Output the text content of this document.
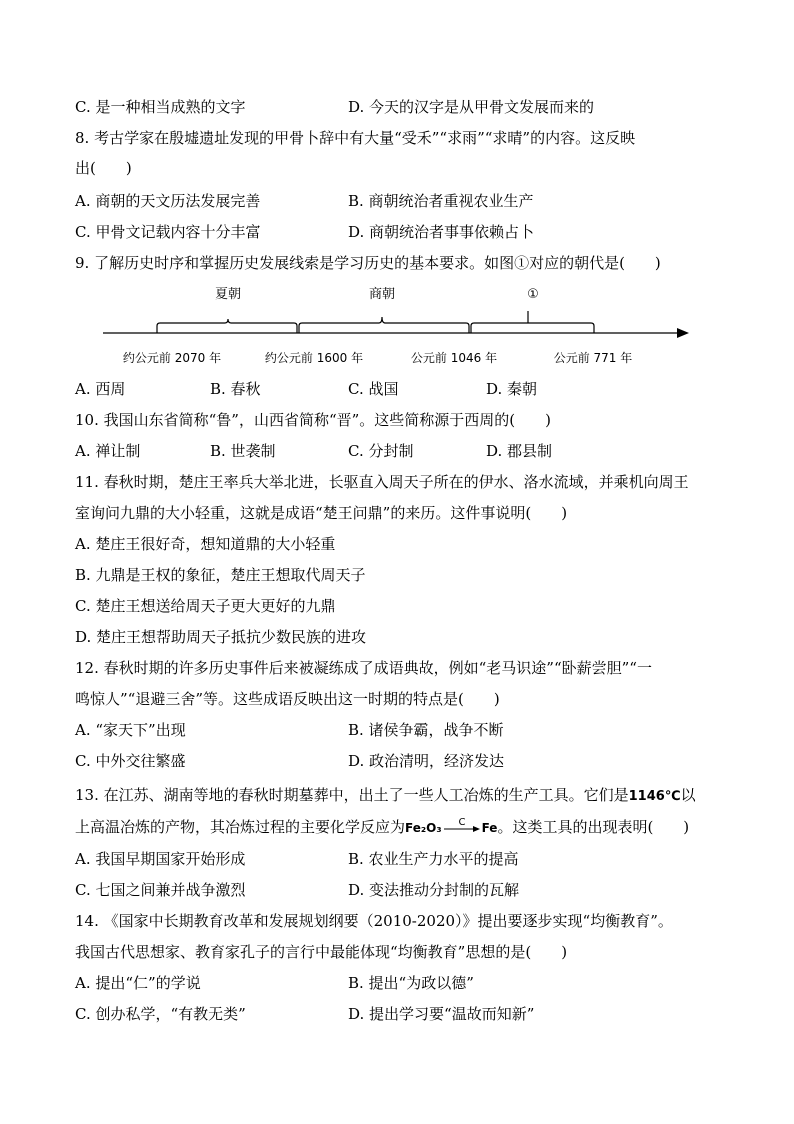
C. 是一种相当成熟的文字	D. 今天的汉字是从甲骨文发展而来的
8. 考古学家在殷墟遗址发现的甲骨卜辞中有大量“受禾”“求雨”“求晴”的内容。这反映
出(　　)
A. 商朝的天文历法发展完善	B. 商朝统治者重视农业生产
C. 甲骨文记载内容十分丰富	D. 商朝统治者事事依赖占卜
9. 了解历史时序和掌握历史发展线索是学习历史的基本要求。如图①对应的朝代是(　　)
夏朝	商朝	①
约公元前 2070 年	约公元前 1600 年	公元前 1046 年	公元前 771 年
A. 西周	B. 春秋	C. 战国	D. 秦朝
10. 我国山东省简称“鲁”，山西省简称“晋”。这些简称源于西周的(　　)
A. 禅让制	B. 世袭制	C. 分封制	D. 郡县制
11. 春秋时期，楚庄王率兵大举北进，长驱直入周天子所在的伊水、洛水流域，并乘机向周王
室询问九鼎的大小轻重，这就是成语“楚王问鼎”的来历。这件事说明(　　)
A. 楚庄王很好奇，想知道鼎的大小轻重
B. 九鼎是王权的象征，楚庄王想取代周天子
C. 楚庄王想送给周天子更大更好的九鼎
D. 楚庄王想帮助周天子抵抗少数民族的进攻
12. 春秋时期的许多历史事件后来被凝练成了成语典故，例如“老马识途”“卧薪尝胆”“一
鸣惊人”“退避三舍”等。这些成语反映出这一时期的特点是(　　)
A. “家天下”出现	B. 诸侯争霸，战争不断
C. 中外交往繁盛	D. 政治清明，经济发达
13. 在江苏、湖南等地的春秋时期墓葬中，出土了一些人工冶炼的生产工具。它们是1146℃以
上高温冶炼的产物，其冶炼过程的主要化学反应为Fe₂O₃ C Fe。这类工具的出现表明(　　)
A. 我国早期国家开始形成	B. 农业生产力水平的提高
C. 七国之间兼并战争激烈	D. 变法推动分封制的瓦解
14. 《国家中长期教育改革和发展规划纲要（2010-2020）》提出要逐步实现“均衡教育”。
我国古代思想家、教育家孔子的言行中最能体现“均衡教育”思想的是(　　)
A. 提出“仁”的学说	B. 提出“为政以德”
C. 创办私学，“有教无类”	D. 提出学习要“温故而知新”
